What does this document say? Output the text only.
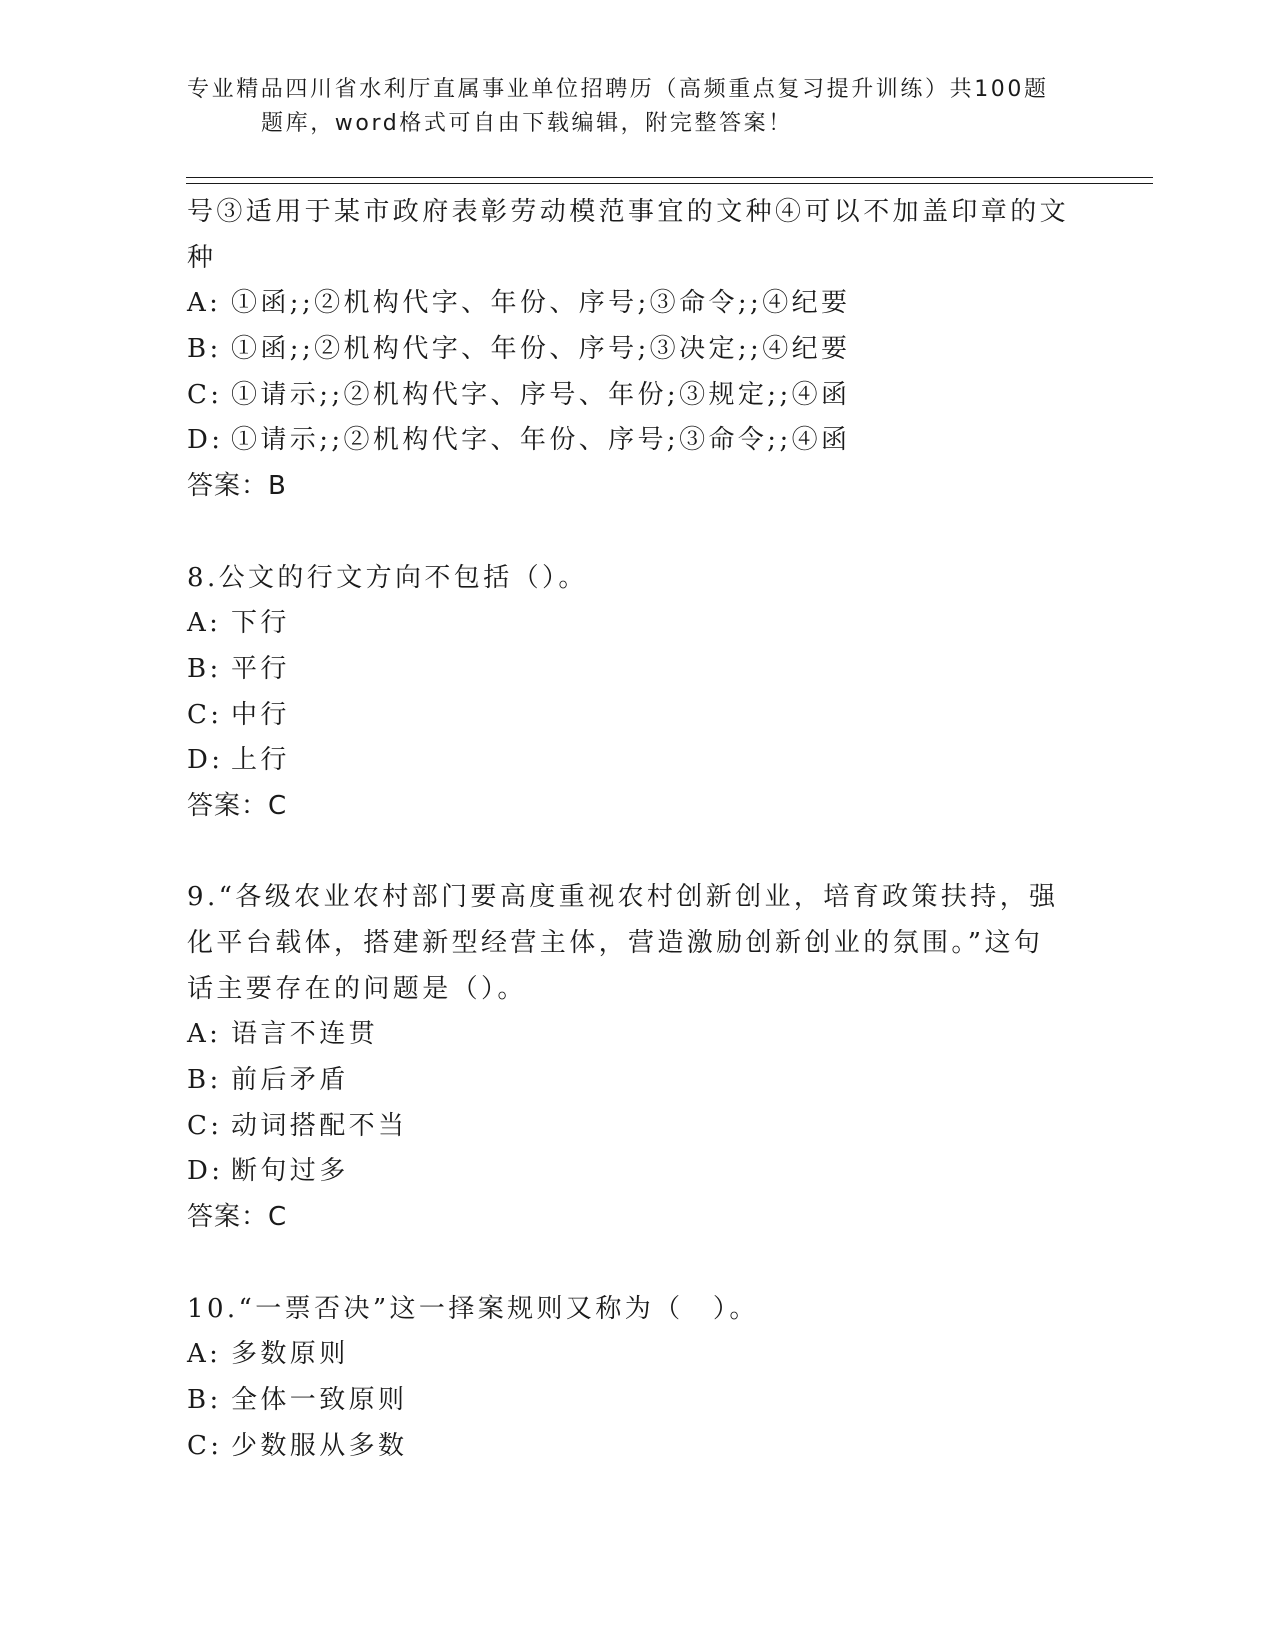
专业精品四川省水利厅直属事业单位招聘历（高频重点复习提升训练）共100题
题库，word格式可自由下载编辑，附完整答案！
号③适用于某市政府表彰劳动模范事宜的文种④可以不加盖印章的文
种
A: ①函;;②机构代字、年份、序号;③命令;;④纪要
B: ①函;;②机构代字、年份、序号;③决定;;④纪要
C: ①请示;;②机构代字、序号、年份;③规定;;④函
D: ①请示;;②机构代字、年份、序号;③命令;;④函
答案：B
8.公文的行文方向不包括（）。
A: 下行
B: 平行
C: 中行
D: 上行
答案：C
9.“各级农业农村部门要高度重视农村创新创业，培育政策扶持，强
化平台载体，搭建新型经营主体，营造激励创新创业的氛围。”这句
话主要存在的问题是（）。
A: 语言不连贯
B: 前后矛盾
C: 动词搭配不当
D: 断句过多
答案：C
10.“一票否决”这一择案规则又称为（　）。
A: 多数原则
B: 全体一致原则
C: 少数服从多数
